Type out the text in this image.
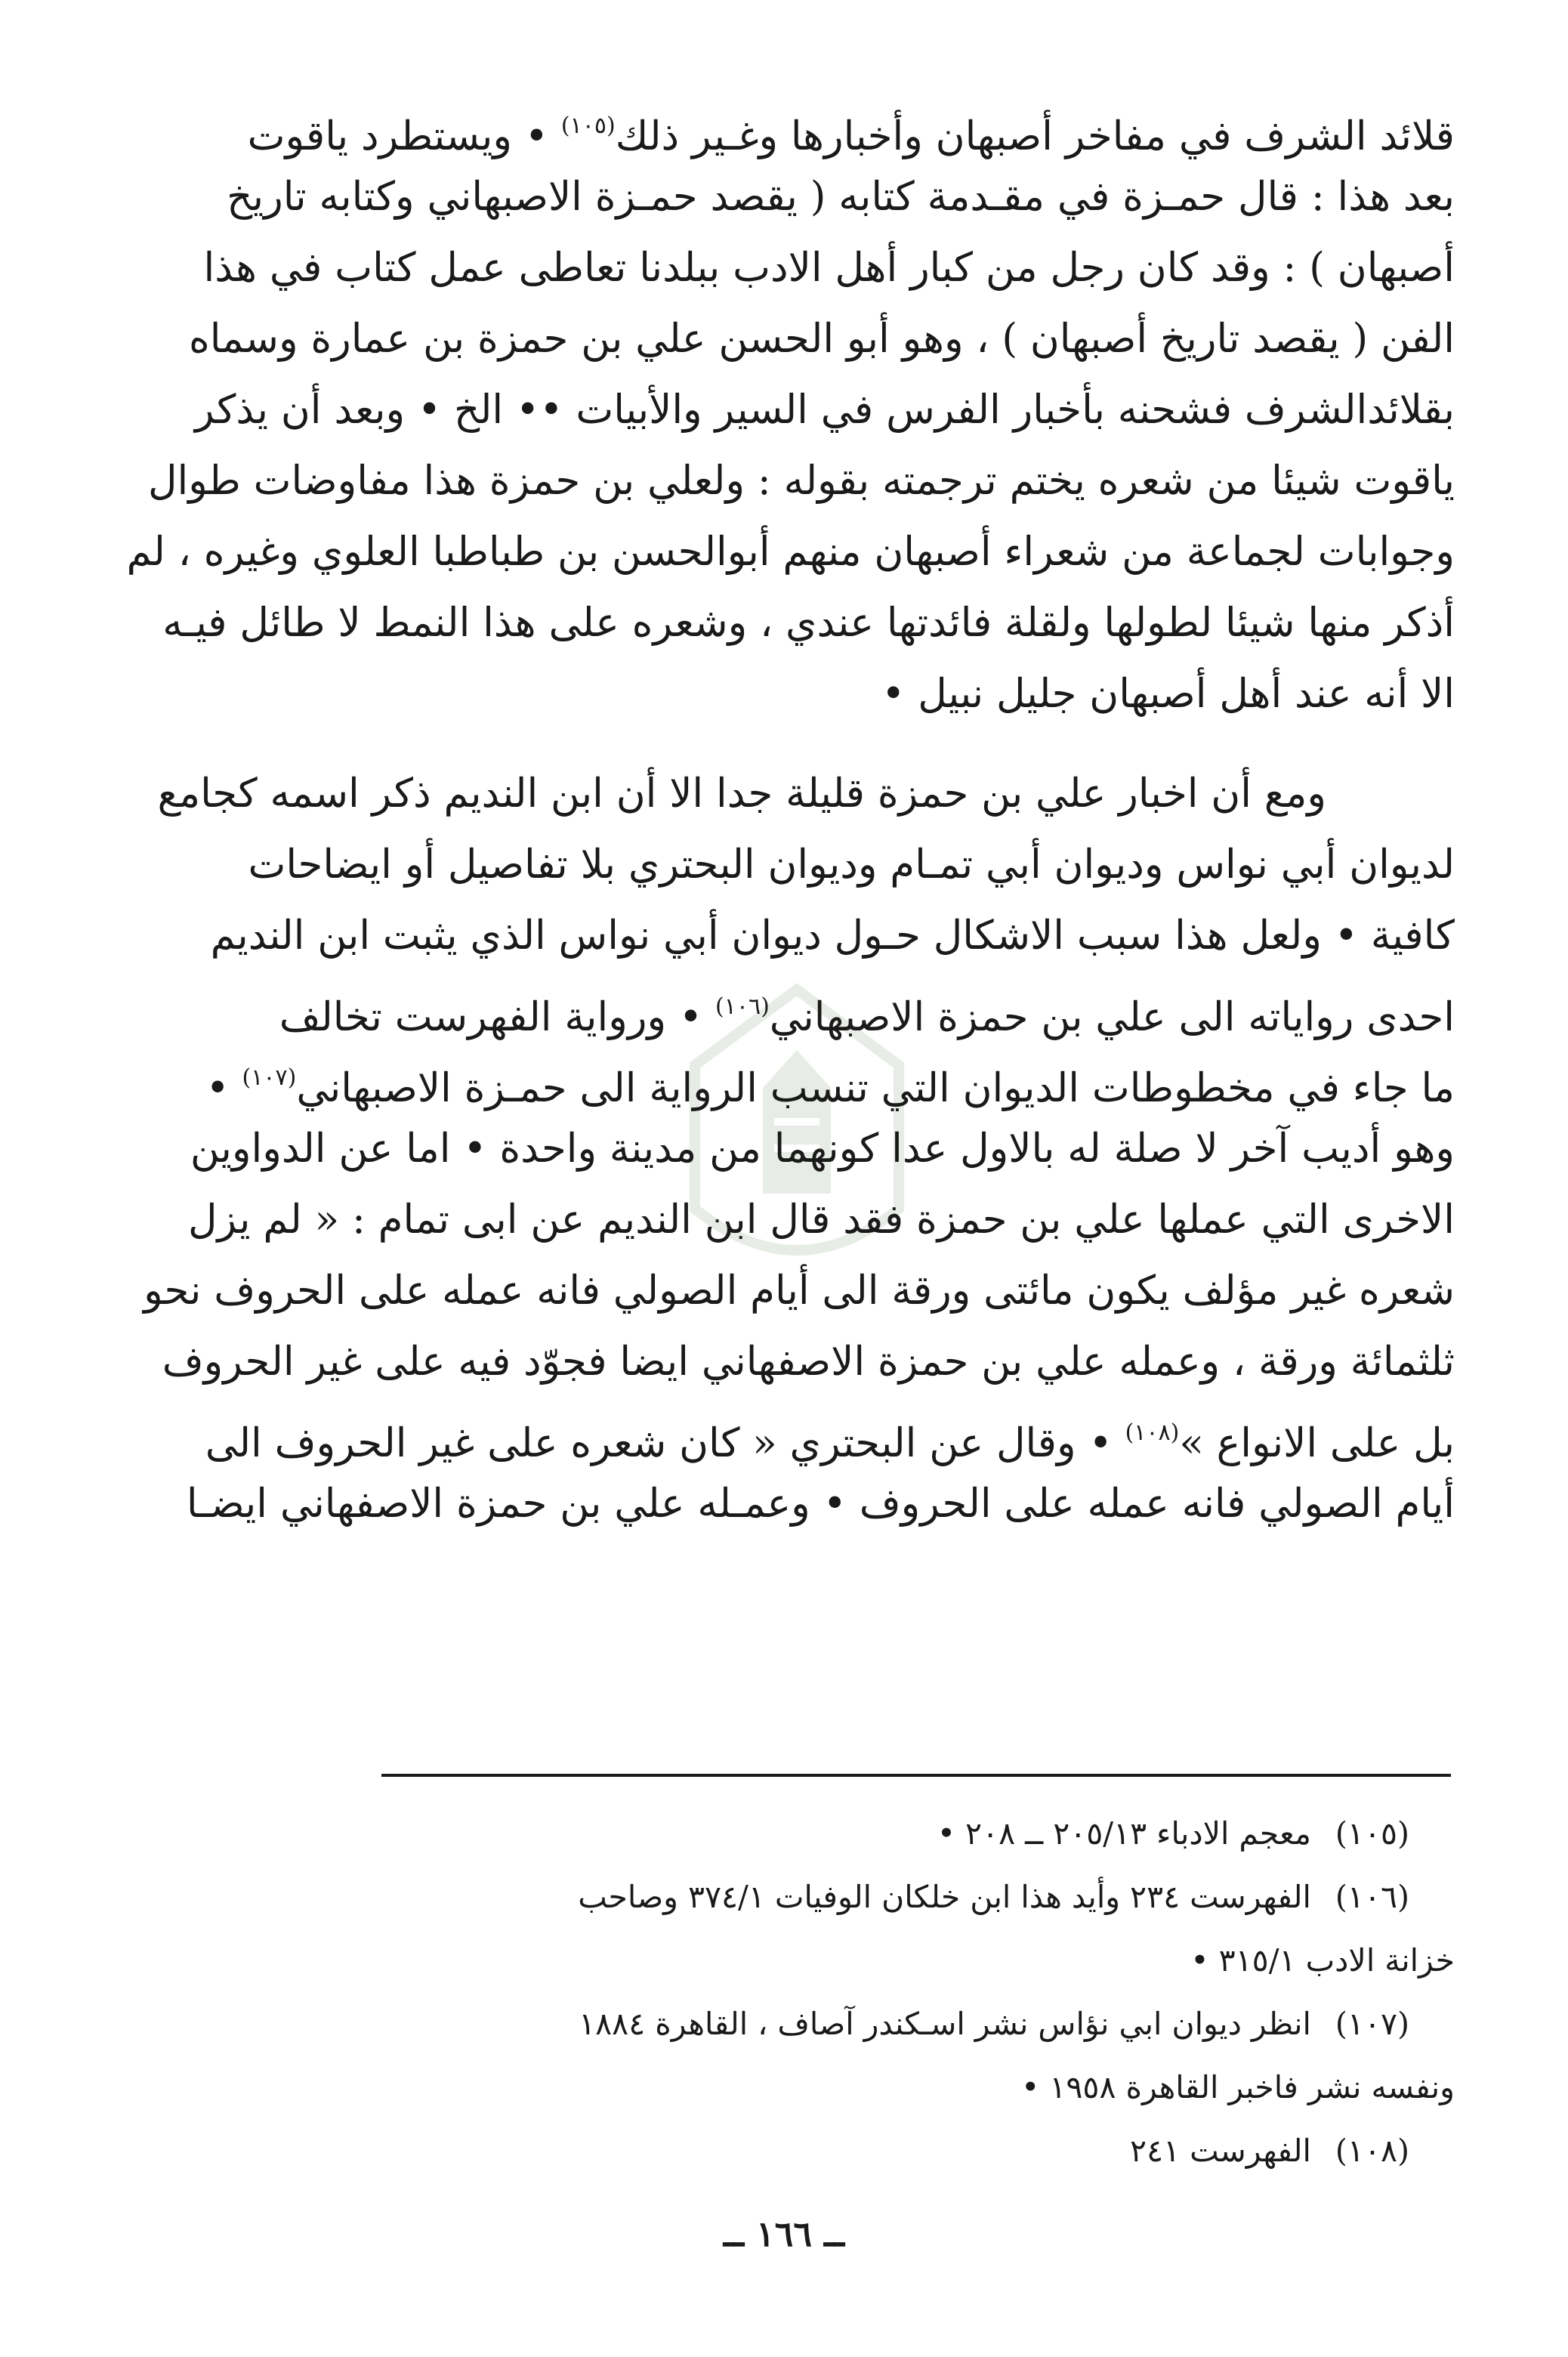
قلائد الشرف في مفاخر أصبهان وأخبارها وغـير ذلك$^{(١٠٥)}$ • ويستطرد ياقوت
بعد هذا : قال حمـزة في مقـدمة كتابه ( يقصد حمـزة الاصبهاني وكتابه تاريخ
أصبهان ) : وقد كان رجل من كبار أهل الادب ببلدنا تعاطى عمل كتاب في هذا
الفن ( يقصد تاريخ أصبهان ) ، وهو أبو الحسن علي بن حمزة بن عمارة وسماه
بقلائدالشرف فشحنه بأخبار الفرس في السير والأبيات •• الخ • وبعد أن يذكر
ياقوت شيئا من شعره يختم ترجمته بقوله : ولعلي بن حمزة هذا مفاوضات طوال
وجوابات لجماعة من شعراء أصبهان منهم أبوالحسن بن طباطبا العلوي وغيره ، لم
أذكر منها شيئا لطولها ولقلة فائدتها عندي ، وشعره على هذا النمط لا طائل فيـه
الا أنه عند أهل أصبهان جليل نبيل •
ومع أن اخبار علي بن حمزة قليلة جدا الا أن ابن النديم ذكر اسمه كجامع
لديوان أبي نواس وديوان أبي تمـام وديوان البحتري بلا تفاصيل أو ايضاحات
كافية • ولعل هذا سبب الاشكال حـول ديوان أبي نواس الذي يثبت ابن النديم
احدى رواياته الى علي بن حمزة الاصبهاني$^{(١٠٦)}$ • ورواية الفهرست تخالف
ما جاء في مخطوطات الديوان التي تنسب الرواية الى حمـزة الاصبهاني$^{(١٠٧)}$ •
وهو أديب آخر لا صلة له بالاول عدا كونهما من مدينة واحدة • اما عن الدواوين
الاخرى التي عملها علي بن حمزة فقد قال ابن النديم عن ابى تمام : « لم يزل
شعره غير مؤلف يكون مائتى ورقة الى أيام الصولي فانه عمله على الحروف نحو
ثلثمائة ورقة ، وعمله علي بن حمزة الاصفهاني ايضا فجوّد فيه على غير الحروف
بل على الانواع »$^{(١٠٨)}$ • وقال عن البحتري « كان شعره على غير الحروف الى
أيام الصولي فانه عمله على الحروف • وعمـله علي بن حمزة الاصفهاني ايضـا
(١٠٥)معجم الادباء ٢٠٥/١٣ ــ ٢٠٨ •
(١٠٦)الفهرست ٢٣٤ وأيد هذا ابن خلكان الوفيات ٣٧٤/١ وصاحب
خزانة الادب ٣١٥/١ •
(١٠٧)انظر ديوان ابي نؤاس نشر اسـكندر آصاف ، القاهرة ١٨٨٤
ونفسه نشر فاخبر القاهرة ١٩٥٨ •
(١٠٨)الفهرست ٢٤١
ــ ١٦٦ ــ
